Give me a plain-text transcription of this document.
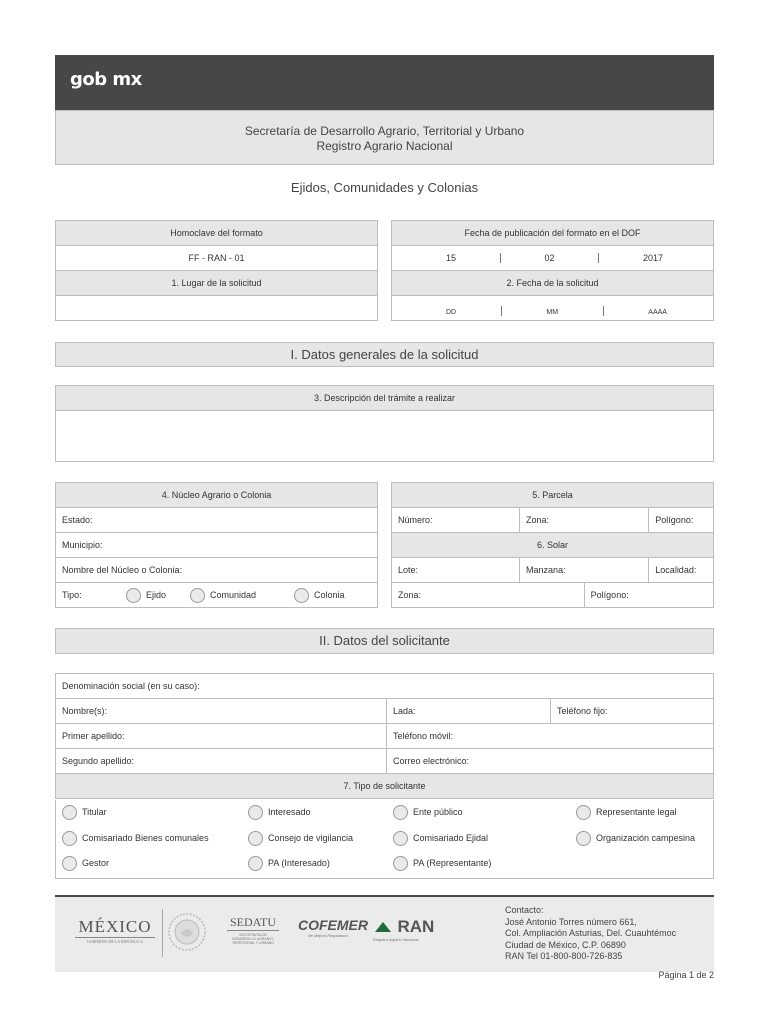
gob mx
Secretaría de Desarrollo Agrario, Territorial y Urbano
Registro Agrario Nacional
Ejidos, Comunidades y Colonias
Homoclave del formato
FF - RAN - 01
1. Lugar de la solicitud

Fecha de publicación del formato en el DOF

15	02	2017

2. Fecha de la solicitud

DD	MM	AAAA
I. Datos generales de la solicitud
3. Descripción del trámite a realizar

4. Núcleo Agrario o Colonia
Estado:
Municipio:
Nombre del Núcleo o Colonia:

Tipo:	Ejido	Comunidad	Colonia
5. Parcela			
Número:	Zona:		Polígono:
6. Solar			
Lote:	Manzana:		Localidad:
Zona:		Polígono:	
II. Datos del solicitante
Denominación social (en su caso):		
Nombre(s):	Lada:	Teléfono fijo:
Primer apellido:	Teléfono móvil:	
Segundo apellido:	Correo electrónico:	
7. Tipo de solicitante		
Titular	Interesado	Ente público	Representante legal
Comisariado Bienes comunales	Consejo de vigilancia	Comisariado Ejidal	Organización campesina
Gestor	PA (Interesado)	PA (Representante)
MÉXICO
GOBIERNO DE LA REPÚBLICA
SEDATU
SECRETARÍA DE DESARROLLO AGRARIO, TERRITORIAL Y URBANO
COFEMER
de Mejora Regulatoria	RAN
Registro Agrario Nacional
Contacto:
José Antonio Torres número 661,
Col. Ampliación Asturias, Del. Cuauhtémoc
Ciudad de México, C.P. 06890
RAN Tel 01-800-800-726-835
Página 1 de 2
